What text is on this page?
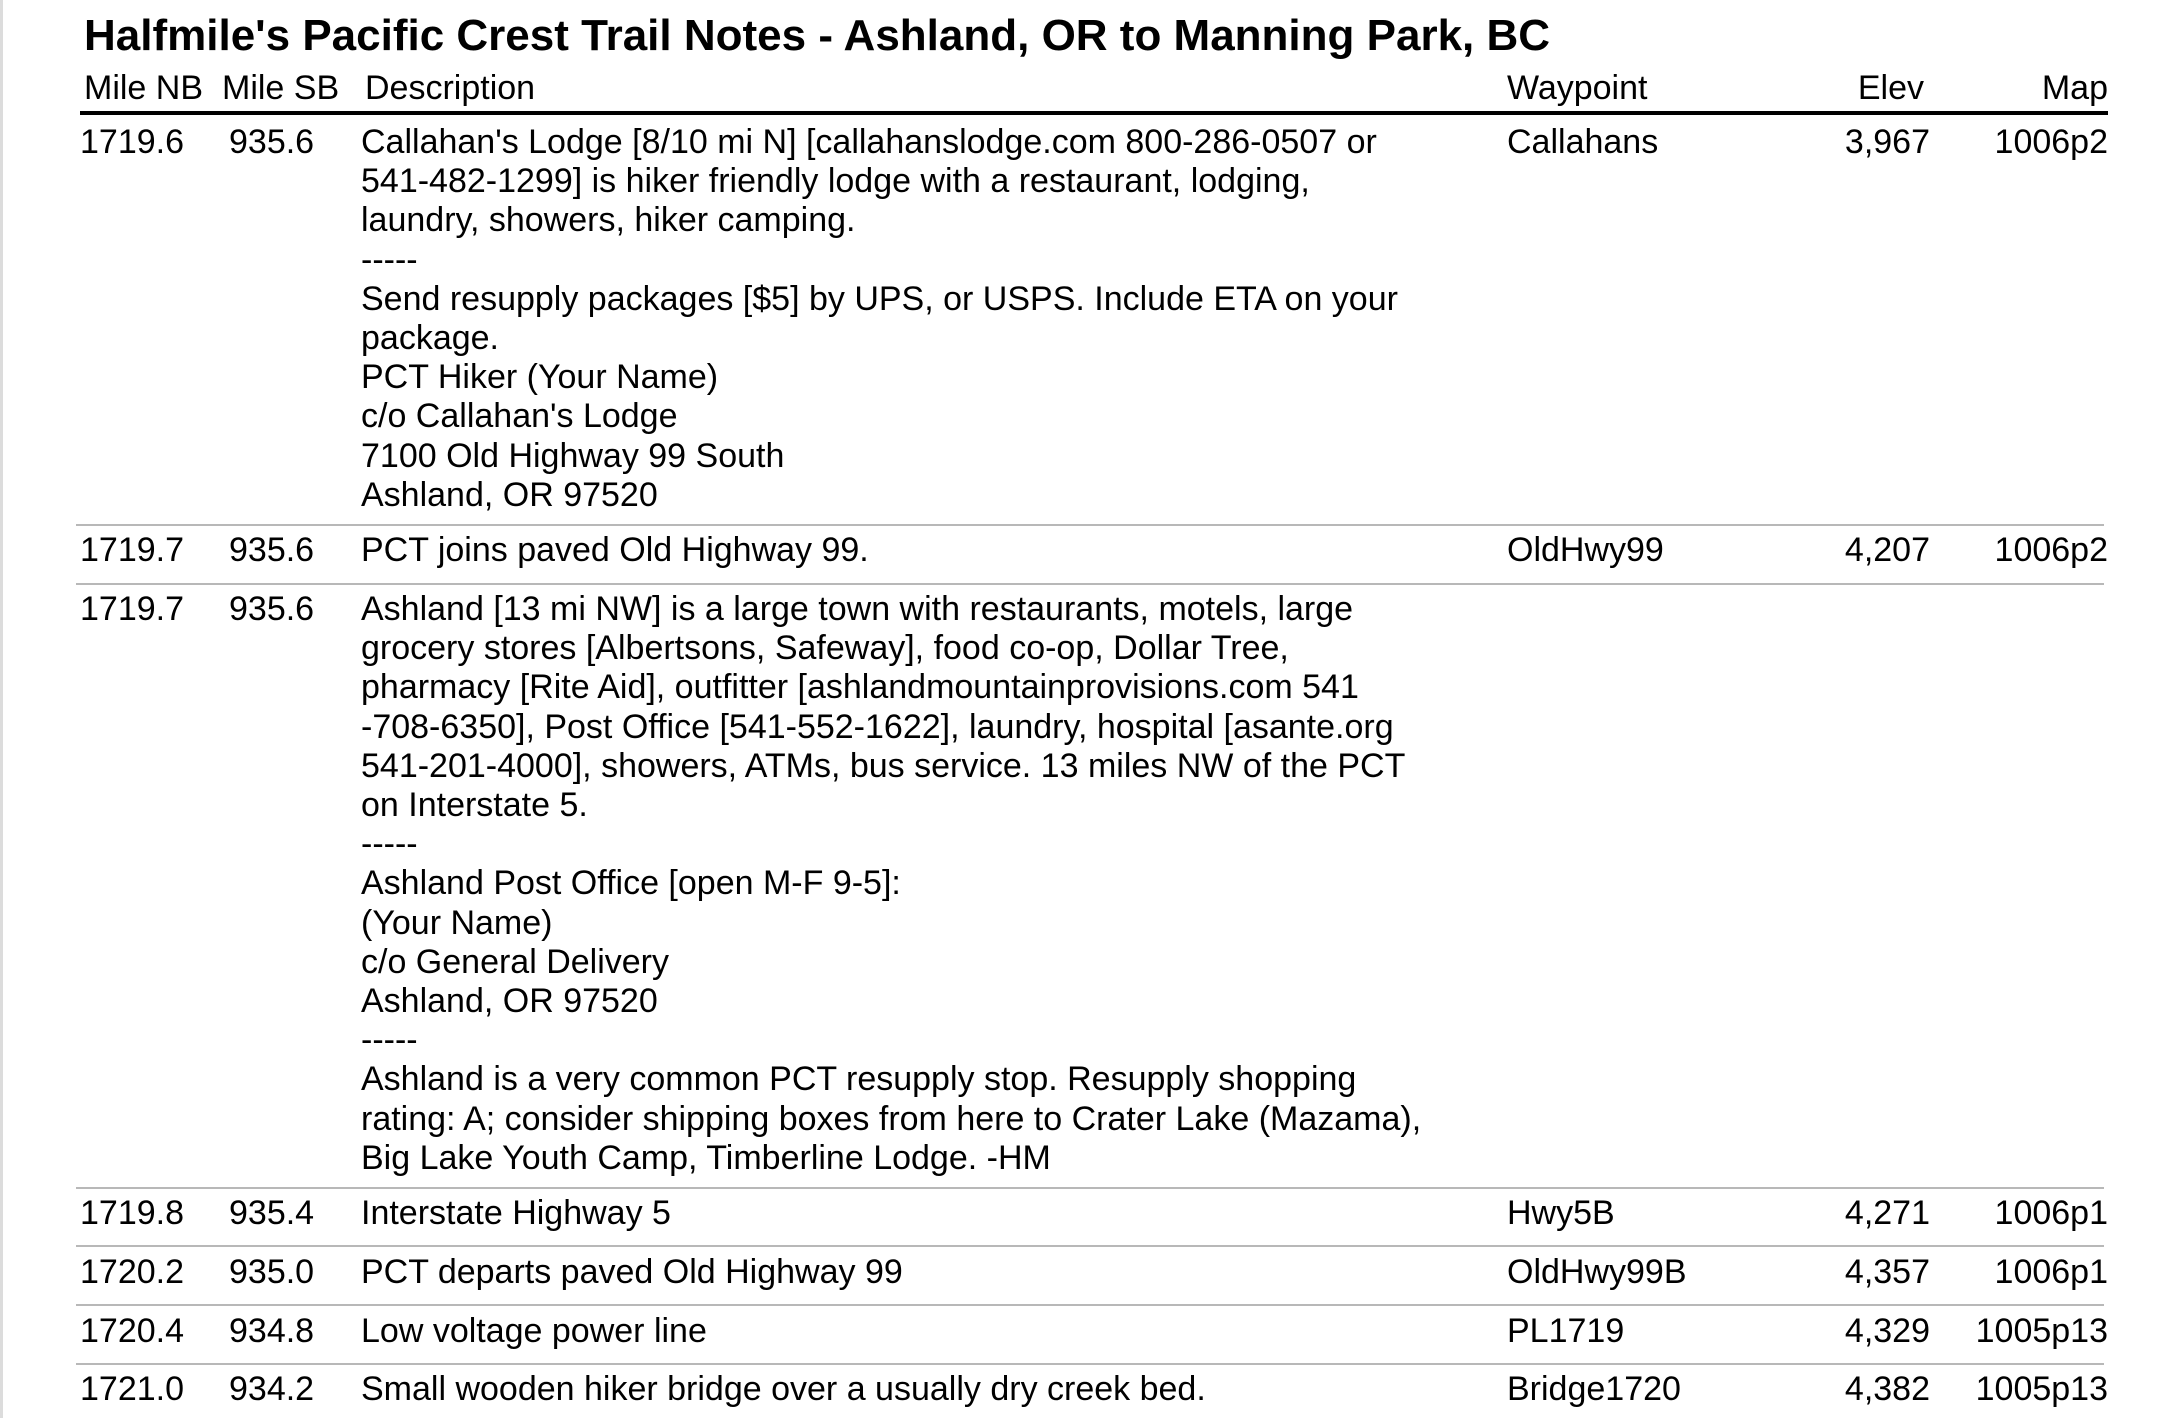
Halfmile's Pacific Crest Trail Notes - Ashland, OR to Manning Park, BC
Mile NB Mile SB Description	Waypoint	Elev	Map
1719.6 935.6 Callahan's Lodge [8/10 mi N] [callahanslodge.com 800-286-0507 or
541-482-1299] is hiker friendly lodge with a restaurant, lodging,
laundry, showers, hiker camping.
-----
Send resupply packages [$5] by UPS, or USPS. Include ETA on your
package.
PCT Hiker (Your Name)
c/o Callahan's Lodge
7100 Old Highway 99 South
Ashland, OR 97520
Callahans	3,967	1006p2
1719.7 935.6 PCT joins paved Old Highway 99.	OldHwy99	4,207	1006p2
1719.7 935.6 Ashland [13 mi NW] is a large town with restaurants, motels, large
grocery stores [Albertsons, Safeway], food co-op, Dollar Tree,
pharmacy [Rite Aid], outfitter [ashlandmountainprovisions.com 541
-708-6350], Post Office [541-552-1622], laundry, hospital [asante.org
541-201-4000], showers, ATMs, bus service. 13 miles NW of the PCT
on Interstate 5.
-----
Ashland Post Office [open M-F 9-5]:
(Your Name)
c/o General Delivery
Ashland, OR 97520
-----
Ashland is a very common PCT resupply stop. Resupply shopping
rating: A; consider shipping boxes from here to Crater Lake (Mazama),
Big Lake Youth Camp, Timberline Lodge. -HM
1719.8 935.4 Interstate Highway 5	Hwy5B	4,271	1006p1
1720.2 935.0 PCT departs paved Old Highway 99	OldHwy99B	4,357	1006p1
1720.4 934.8 Low voltage power line	PL1719	4,329	1005p13
1721.0 934.2 Small wooden hiker bridge over a usually dry creek bed.	Bridge1720	4,382	1005p13
